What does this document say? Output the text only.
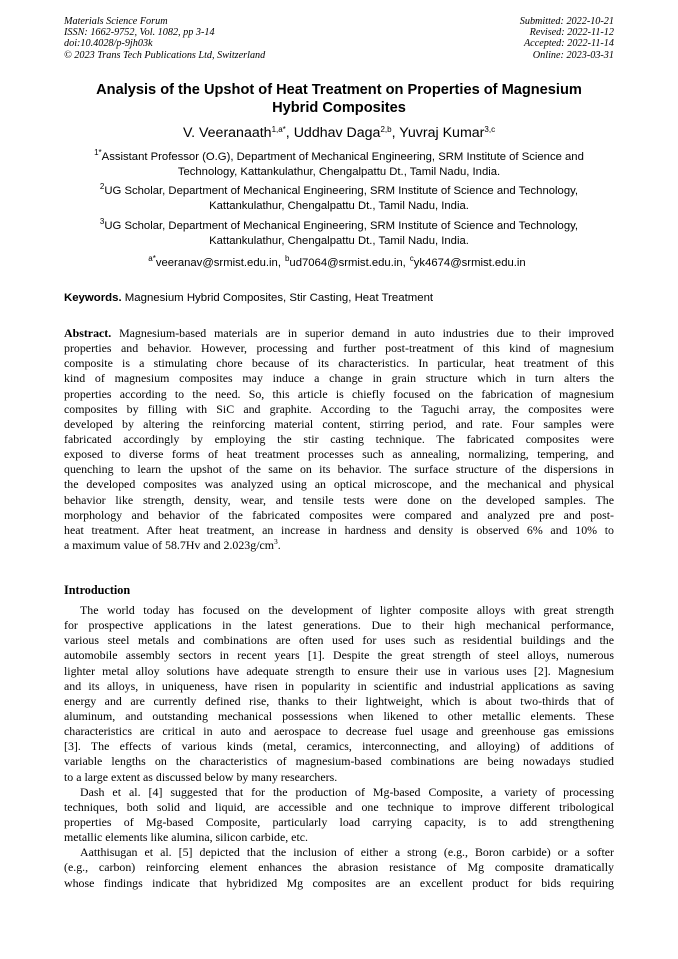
Materials Science Forum
ISSN: 1662-9752, Vol. 1082, pp 3-14
doi:10.4028/p-9jh03k
© 2023 Trans Tech Publications Ltd, Switzerland
Submitted: 2022-10-21
Revised: 2022-11-12
Accepted: 2022-11-14
Online: 2023-03-31
Analysis of the Upshot of Heat Treatment on Properties of Magnesium
Hybrid Composites
V. Veeranaath$^{1,a*}$, Uddhav Daga$^{2,b}$, Yuvraj Kumar$^{3,c}$
$^{1*}$Assistant Professor (O.G), Department of Mechanical Engineering, SRM Institute of Science and
Technology, Kattankulathur, Chengalpattu Dt., Tamil Nadu, India.
$^2$UG Scholar, Department of Mechanical Engineering, SRM Institute of Science and Technology,
Kattankulathur, Chengalpattu Dt., Tamil Nadu, India.
$^3$UG Scholar, Department of Mechanical Engineering, SRM Institute of Science and Technology,
Kattankulathur, Chengalpattu Dt., Tamil Nadu, India.
$^{a*}$veeranav@srmist.edu.in, $^b$ud7064@srmist.edu.in, $^c$yk4674@srmist.edu.in
Keywords. Magnesium Hybrid Composites, Stir Casting, Heat Treatment
Abstract. Magnesium-based materials are in superior demand in auto industries due to their improved
properties and behavior. However, processing and further post-treatment of this kind of magnesium
composite is a stimulating chore because of its characteristics. In particular, heat treatment of this
kind of magnesium composites may induce a change in grain structure which in turn alters the
properties according to the need. So, this article is chiefly focused on the fabrication of magnesium
composites by filling with SiC and graphite. According to the Taguchi array, the composites were
developed by altering the reinforcing material content, stirring period, and rate. Four samples were
fabricated accordingly by employing the stir casting technique. The fabricated composites were
exposed to diverse forms of heat treatment processes such as annealing, normalizing, tempering, and
quenching to learn the upshot of the same on its behavior. The surface structure of the dispersions in
the developed composites was analyzed using an optical microscope, and the mechanical and physical
behavior like strength, density, wear, and tensile tests were done on the developed samples. The
morphology and behavior of the fabricated composites were compared and analyzed pre and post-
heat treatment. After heat treatment, an increase in hardness and density is observed 6% and 10% to
a maximum value of 58.7Hv and $2.023g/cm^3$.
Introduction
The world today has focused on the development of lighter composite alloys with great strength
for prospective applications in the latest generations. Due to their high mechanical performance,
various steel metals and combinations are often used for uses such as residential buildings and the
automobile assembly sectors in recent years [1]. Despite the great strength of steel alloys, numerous
lighter metal alloy solutions have adequate strength to ensure their use in various uses [2]. Magnesium
and its alloys, in uniqueness, have risen in popularity in scientific and industrial applications as saving
energy and are currently defined rise, thanks to their lightweight, which is about two-thirds that of
aluminum, and outstanding mechanical possessions when likened to other metallic elements. These
characteristics are critical in auto and aerospace to decrease fuel usage and greenhouse gas emissions
[3]. The effects of various kinds (metal, ceramics, interconnecting, and alloying) of additions of
variable lengths on the characteristics of magnesium-based combinations are being nowadays studied
to a large extent as discussed below by many researchers.
Dash et al. [4] suggested that for the production of Mg-based Composite, a variety of processing
techniques, both solid and liquid, are accessible and one technique to improve different tribological
properties of Mg-based Composite, particularly load carrying capacity, is to add strengthening
metallic elements like alumina, silicon carbide, etc.
Aatthisugan et al. [5] depicted that the inclusion of either a strong (e.g., Boron carbide) or a softer
(e.g., carbon) reinforcing element enhances the abrasion resistance of Mg composite dramatically
whose findings indicate that hybridized Mg composites are an excellent product for bids requiring
